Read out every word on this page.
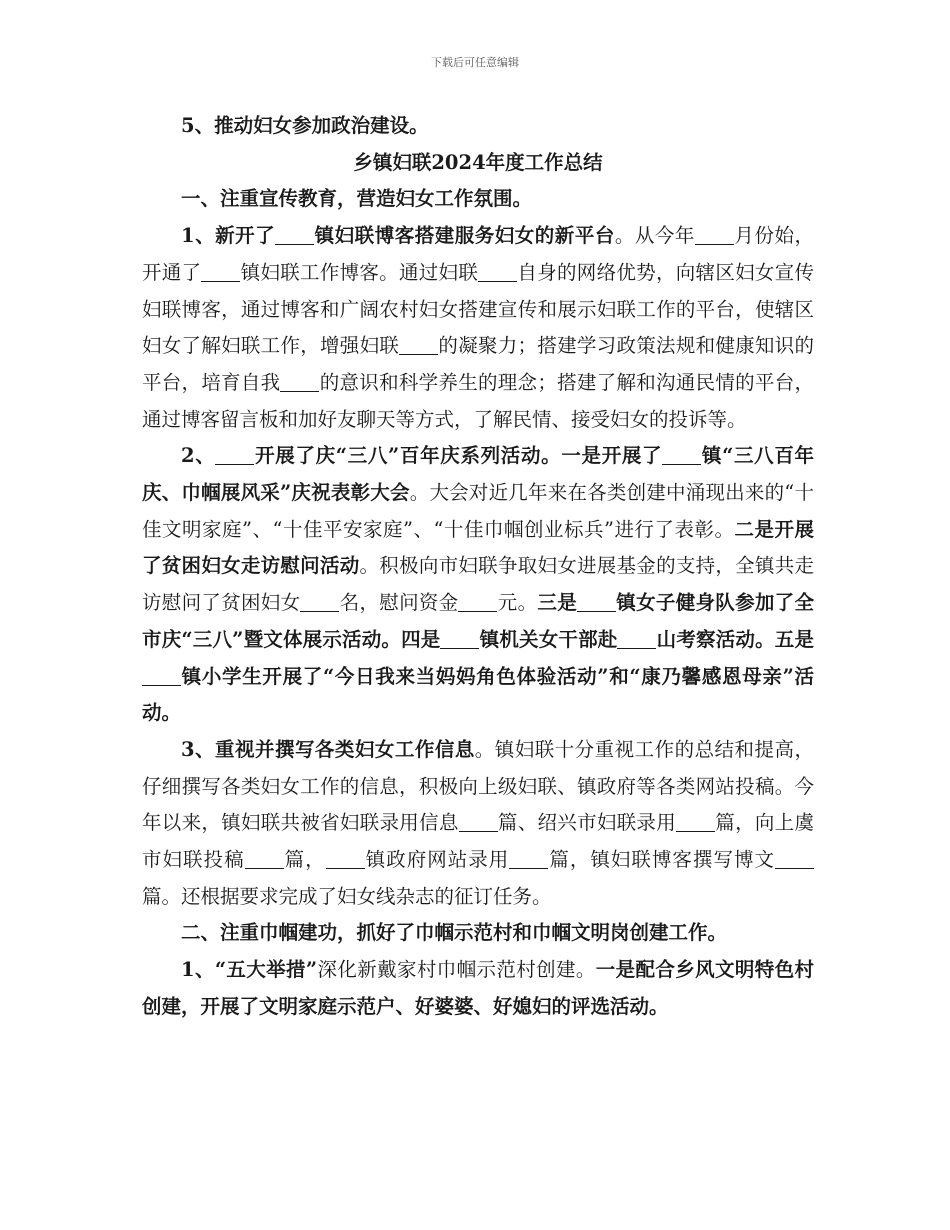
下载后可任意编辑

5、推动妇女参加政治建设。

乡镇妇联2024年度工作总结

一、注重宣传教育，营造妇女工作氛围。

1、新开了 镇妇联博客搭建服务妇女的新平台。从今年 月份始，开通了 镇妇联工作博客。通过妇联 自身的网络优势，向辖区妇女宣传妇联博客，通过博客和广阔农村妇女搭建宣传和展示妇联工作的平台，使辖区妇女了解妇联工作，增强妇联 的凝聚力；搭建学习政策法规和健康知识的平台，培育自我 的意识和科学养生的理念；搭建了解和沟通民情的平台，通过博客留言板和加好友聊天等方式，了解民情、接受妇女的投诉等。

2、 开展了庆“三八”百年庆系列活动。一是开展了 镇“三八百年庆、巾帼展风采”庆祝表彰大会。大会对近几年来在各类创建中涌现出来的“十佳文明家庭”、“十佳平安家庭”、“十佳巾帼创业标兵”进行了表彰。二是开展了贫困妇女走访慰问活动。积极向市妇联争取妇女进展基金的支持，全镇共走访慰问了贫困妇女 名，慰问资金 元。三是 镇女子健身队参加了全市庆“三八”暨文体展示活动。四是 镇机关女干部赴 山考察活动。五是镇小学生开展了“今日我来当妈妈角色体验活动”和“康乃馨感恩母亲”活动。

3、重视并撰写各类妇女工作信息。镇妇联十分重视工作的总结和提高，仔细撰写各类妇女工作的信息，积极向上级妇联、镇政府等各类网站投稿。今年以来，镇妇联共被省妇联录用信息 篇、绍兴市妇联录用 篇，向上虞市妇联投稿 篇， 镇政府网站录用 篇，镇妇联博客撰写博文篇。还根据要求完成了妇女线杂志的征订任务。

二、注重巾帼建功，抓好了巾帼示范村和巾帼文明岗创建工作。

1、“五大举措”深化新戴家村巾帼示范村创建。一是配合乡风文明特色村创建，开展了文明家庭示范户、好婆婆、好媳妇的评选活动。
